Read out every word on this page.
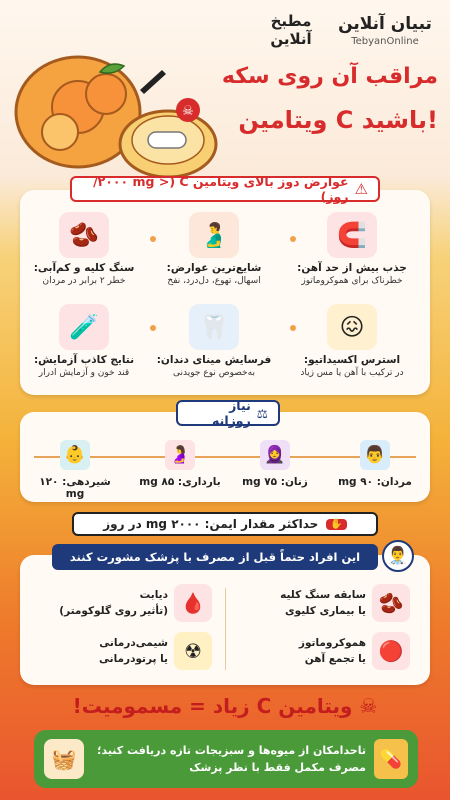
تبیان آنلاین
TebyanOnline
مطبخ آنلاین
☠
مراقب آن روی سکه
ویتامین C باشید!
⚠
عوارض دوز بالای ویتامین C (< ۲۰۰۰ mg/روز)
🧲
جذب بیش از حد آهن:
خطرناک برای هموکروماتوز
🫃
شایع‌ترین عوارض:
اسهال، تهوع، دل‌درد، نفخ
🫘
سنگ کلیه و کم‌آبی:
خطر ۲ برابر در مردان
😖
استرس اکسیداتیو:
در ترکیب با آهن یا مس زیاد
🦷
فرسایش مینای دندان:
به‌خصوص نوع جویدنی
🧪
نتایج کاذب آزمایش:
قند خون و آزمایش ادرار
⚖
نیاز روزانه
👨
مردان: ۹۰ mg
🧕
زنان: ۷۵ mg
🤰
بارداری: ۸۵ mg
👶
شیردهی: ۱۲۰ mg
✋
حداکثر مقدار ایمن: ۲۰۰۰ mg در روز
این افراد حتماً قبل از مصرف با پزشک مشورت کنند	👨‍⚕
🫘
سابقه سنگ کلیه
یا بیماری کلیوی
🩸
دیابت
(تأثیر روی گلوکومتر)
🔴
هموکروماتوز
یا تجمع آهن
☢
شیمی‌درمانی
یا پرتودرمانی
☠ ویتامین C زیاد = مسمومیت!
🧺	تاحدامکان از میوه‌ها و سبزیجات تازه دریافت کنید؛
مصرف مکمل فقط با نظر پزشک 💊
